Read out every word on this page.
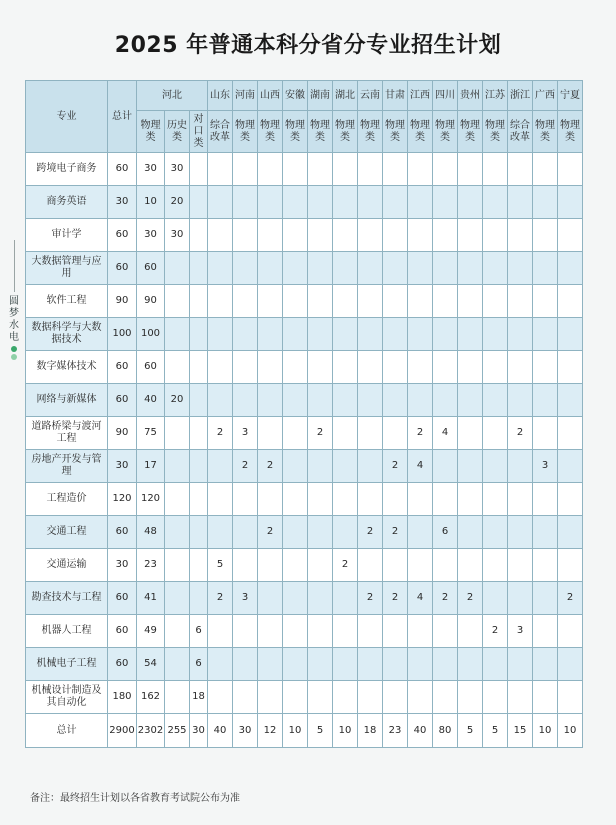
2025 年普通本科分省分专业招生计划
圆
梦
水
电
专业	总计	河北			山东	河南	山西	安徽	湖南	湖北	云南	甘肃	江西	四川	贵州	江苏	浙江	广西	宁夏
		物理类	历史类	对口类	综合改革	物理类	物理类	物理类	物理类	物理类	物理类	物理类	物理类	物理类	物理类	物理类	综合改革	物理类	物理类
跨境电子商务	60	30	30																
商务英语	30	10	20																
审计学	60	30	30																
大数据管理与应用	60	60																	
软件工程	90	90																	
数据科学与大数据技术	100	100																	
数字媒体技术	60	60																	
网络与新媒体	60	40	20																
道路桥梁与渡河工程	90	75			2	3			2				2	4			2		
房地产开发与管理	30	17				2	2					2	4					3	
工程造价	120	120																	
交通工程	60	48					2				2	2		6					
交通运输	30	23			5					2									
勘查技术与工程	60	41			2	3					2	2	4	2	2				2
机器人工程	60	49		6												2	3		
机械电子工程	60	54		6															
机械设计制造及其自动化	180	162		18															
总计	2900	2302	255	30	40	30	12	10	5	10	18	23	40	80	5	5	15	10	10
备注：最终招生计划以各省教育考试院公布为准
